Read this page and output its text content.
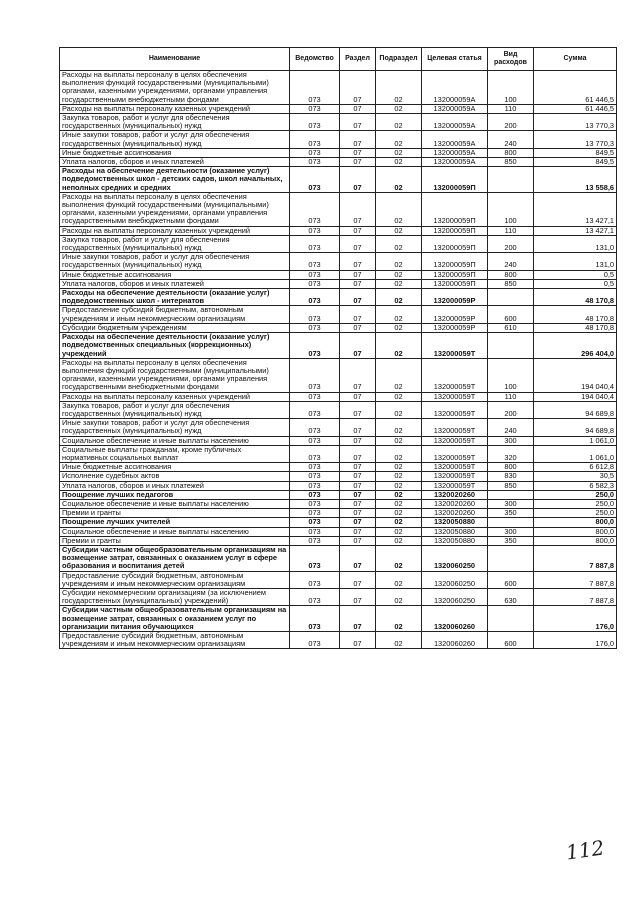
Наименование	Ведомство	Раздел	Подраздел	Целевая статья	Вид расходов	Сумма
Расходы на выплаты персоналу в целях обеспечения выполнения функций государственными (муниципальными) органами, казенными учреждениями, органами управления государственными внебюджетными фондами	073	07	02	132000059А	100	61 446,5
Расходы на выплаты персоналу казенных учреждений	073	07	02	132000059А	110	61 446,5
Закупка товаров, работ и услуг для обеспечения государственных (муниципальных) нужд	073	07	02	132000059А	200	13 770,3
Иные закупки товаров, работ и услуг для обеспечения государственных (муниципальных) нужд	073	07	02	132000059А	240	13 770,3
Иные бюджетные ассигнования	073	07	02	132000059А	800	849,5
Уплата налогов, сборов и иных платежей	073	07	02	132000059А	850	849,5
Расходы на обеспечение деятельности (оказание услуг) подведомственных школ - детских садов, школ начальных, неполных средних и средних	073	07	02	132000059П		13 558,6
Расходы на выплаты персоналу в целях обеспечения выполнения функций государственными (муниципальными) органами, казенными учреждениями, органами управления государственными внебюджетными фондами	073	07	02	132000059П	100	13 427,1
Расходы на выплаты персоналу казенных учреждений	073	07	02	132000059П	110	13 427,1
Закупка товаров, работ и услуг для обеспечения государственных (муниципальных) нужд	073	07	02	132000059П	200	131,0
Иные закупки товаров, работ и услуг для обеспечения государственных (муниципальных) нужд	073	07	02	132000059П	240	131,0
Иные бюджетные ассигнования	073	07	02	132000059П	800	0,5
Уплата налогов, сборов и иных платежей	073	07	02	132000059П	850	0,5
Расходы на обеспечение деятельности (оказание услуг) подведомственных школ - интернатов	073	07	02	132000059Р		48 170,8
Предоставление субсидий бюджетным, автономным учреждениям и иным некоммерческим организациям	073	07	02	132000059Р	600	48 170,8
Субсидии бюджетным учреждениям	073	07	02	132000059Р	610	48 170,8
Расходы на обеспечение деятельности (оказание услуг) подведомственных специальных (коррекционных) учреждений	073	07	02	132000059Т		296 404,0
Расходы на выплаты персоналу в целях обеспечения выполнения функций государственными (муниципальными) органами, казенными учреждениями, органами управления государственными внебюджетными фондами	073	07	02	132000059Т	100	194 040,4
Расходы на выплаты персоналу казенных учреждений	073	07	02	132000059Т	110	194 040,4
Закупка товаров, работ и услуг для обеспечения государственных (муниципальных) нужд	073	07	02	132000059Т	200	94 689,8
Иные закупки товаров, работ и услуг для обеспечения государственных (муниципальных) нужд	073	07	02	132000059Т	240	94 689,8
Социальное обеспечение и иные выплаты населению	073	07	02	132000059Т	300	1 061,0
Социальные выплаты гражданам, кроме публичных нормативных социальных выплат	073	07	02	132000059Т	320	1 061,0
Иные бюджетные ассигнования	073	07	02	132000059Т	800	6 612,8
Исполнение судебных актов	073	07	02	132000059Т	830	30,5
Уплата налогов, сборов и иных платежей	073	07	02	132000059Т	850	6 582,3
Поощрение лучших педагогов	073	07	02	1320020260		250,0
Социальное обеспечение и иные выплаты населению	073	07	02	1320020260	300	250,0
Премии и гранты	073	07	02	1320020260	350	250,0
Поощрение лучших учителей	073	07	02	1320050880		800,0
Социальное обеспечение и иные выплаты населению	073	07	02	1320050880	300	800,0
Премии и гранты	073	07	02	1320050880	350	800,0
Субсидии частным общеобразовательным организациям на возмещение затрат, связанных с оказанием услуг в сфере образования и воспитания детей	073	07	02	1320060250		7 887,8
Предоставление субсидий бюджетным, автономным учреждениям и иным некоммерческим организациям	073	07	02	1320060250	600	7 887,8
Субсидии некоммерческим организациям (за исключением государственных (муниципальных) учреждений)	073	07	02	1320060250	630	7 887,8
Субсидии частным общеобразовательным организациям на возмещение затрат, связанных с оказанием услуг по организации питания обучающихся	073	07	02	1320060260		176,0
Предоставление субсидий бюджетным, автономным учреждениям и иным некоммерческим организациям	073	07	02	1320060260	600	176,0
112
